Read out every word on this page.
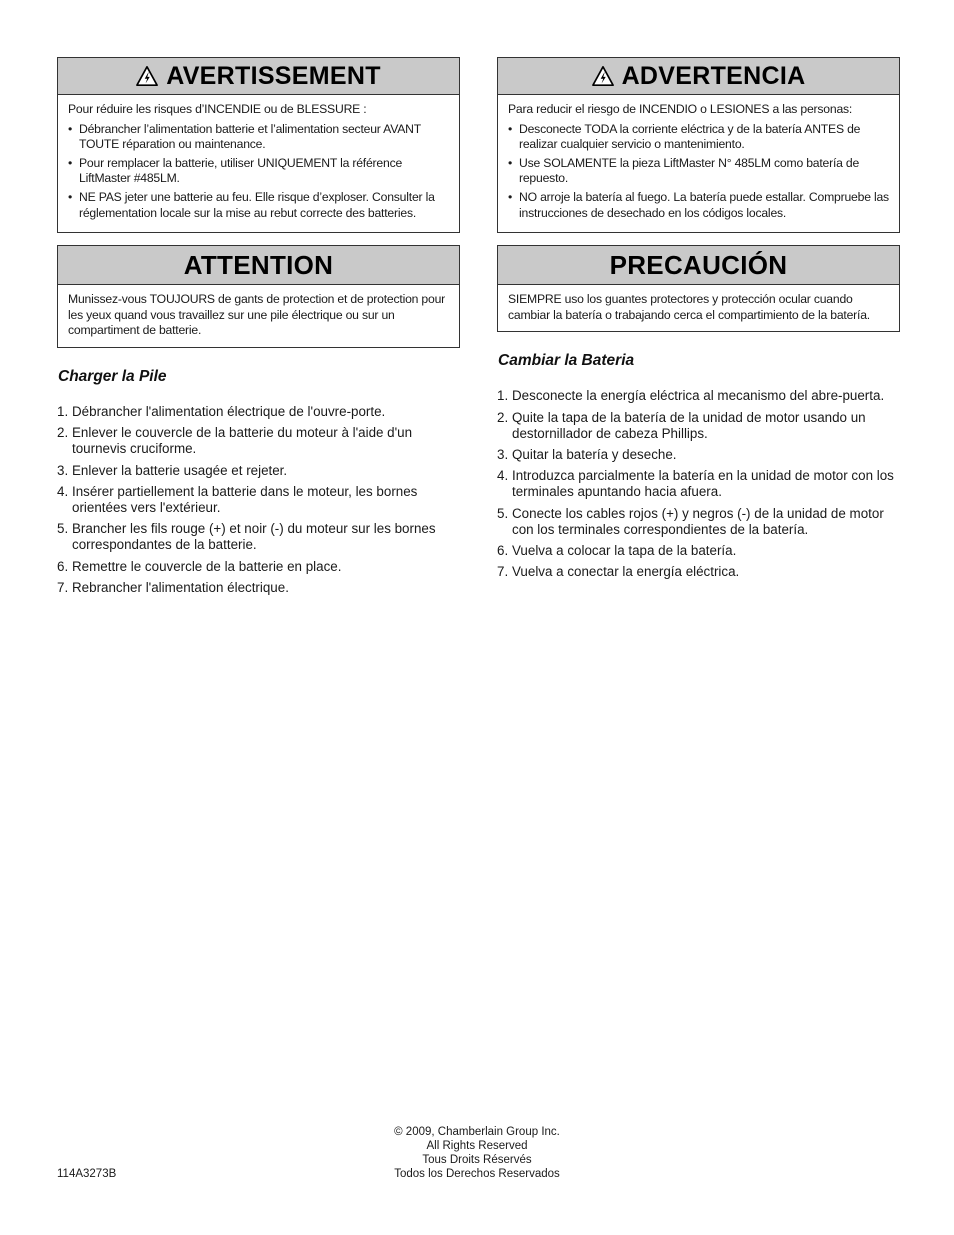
AVERTISSEMENT

Pour réduire les risques d’INCENDIE ou de BLESSURE :

• Débrancher l’alimentation batterie et l’alimentation secteur AVANT TOUTE réparation ou maintenance.
• Pour remplacer la batterie, utiliser UNIQUEMENT la référence LiftMaster #485LM.
• NE PAS jeter une batterie au feu. Elle risque d’exploser. Consulter la réglementation locale sur la mise au rebut correcte des batteries.
ATTENTION

Munissez-vous TOUJOURS de gants de protection et de protection pour les yeux quand vous travaillez sur une pile électrique ou sur un compartiment de batterie.

Charger la Pile
1. Débrancher l'alimentation électrique de l'ouvre-porte.
2. Enlever le couvercle de la batterie du moteur à l'aide d'un tournevis cruciforme.
3. Enlever la batterie usagée et rejeter.
4. Insérer partiellement la batterie dans le moteur, les bornes orientées vers l'extérieur.
5. Brancher les fils rouge (+) et noir (-) du moteur sur les bornes correspondantes de la batterie.
6. Remettre le couvercle de la batterie en place.
7. Rebrancher l'alimentation électrique.
ADVERTENCIA

Para reducir el riesgo de INCENDIO o LESIONES a las personas:

• Desconecte TODA la corriente eléctrica y de la batería ANTES de realizar cualquier servicio o mantenimiento.
• Use SOLAMENTE la pieza LiftMaster N° 485LM como batería de repuesto.
• NO arroje la batería al fuego. La batería puede estallar. Compruebe las instrucciones de desechado en los códigos locales.
PRECAUCIÓN

SIEMPRE uso los guantes protectores y protección ocular cuando cambiar la batería o trabajando cerca el compartimiento de la batería.

Cambiar la Bateria
1. Desconecte la energía eléctrica al mecanismo del abre-puerta.
2. Quite la tapa de la batería de la unidad de motor usando un destornillador de cabeza Phillips.
3. Quitar la batería y deseche.
4. Introduzca parcialmente la batería en la unidad de motor con los terminales apuntando hacia afuera.
5. Conecte los cables rojos (+) y negros (-) de la unidad de motor con los terminales correspondientes de la batería.
6. Vuelva a colocar la tapa de la batería.
7. Vuelva a conectar la energía eléctrica.
© 2009, Chamberlain Group Inc.
All Rights Reserved
Tous Droits Réservés
Todos los Derechos Reservados
114A3273B
